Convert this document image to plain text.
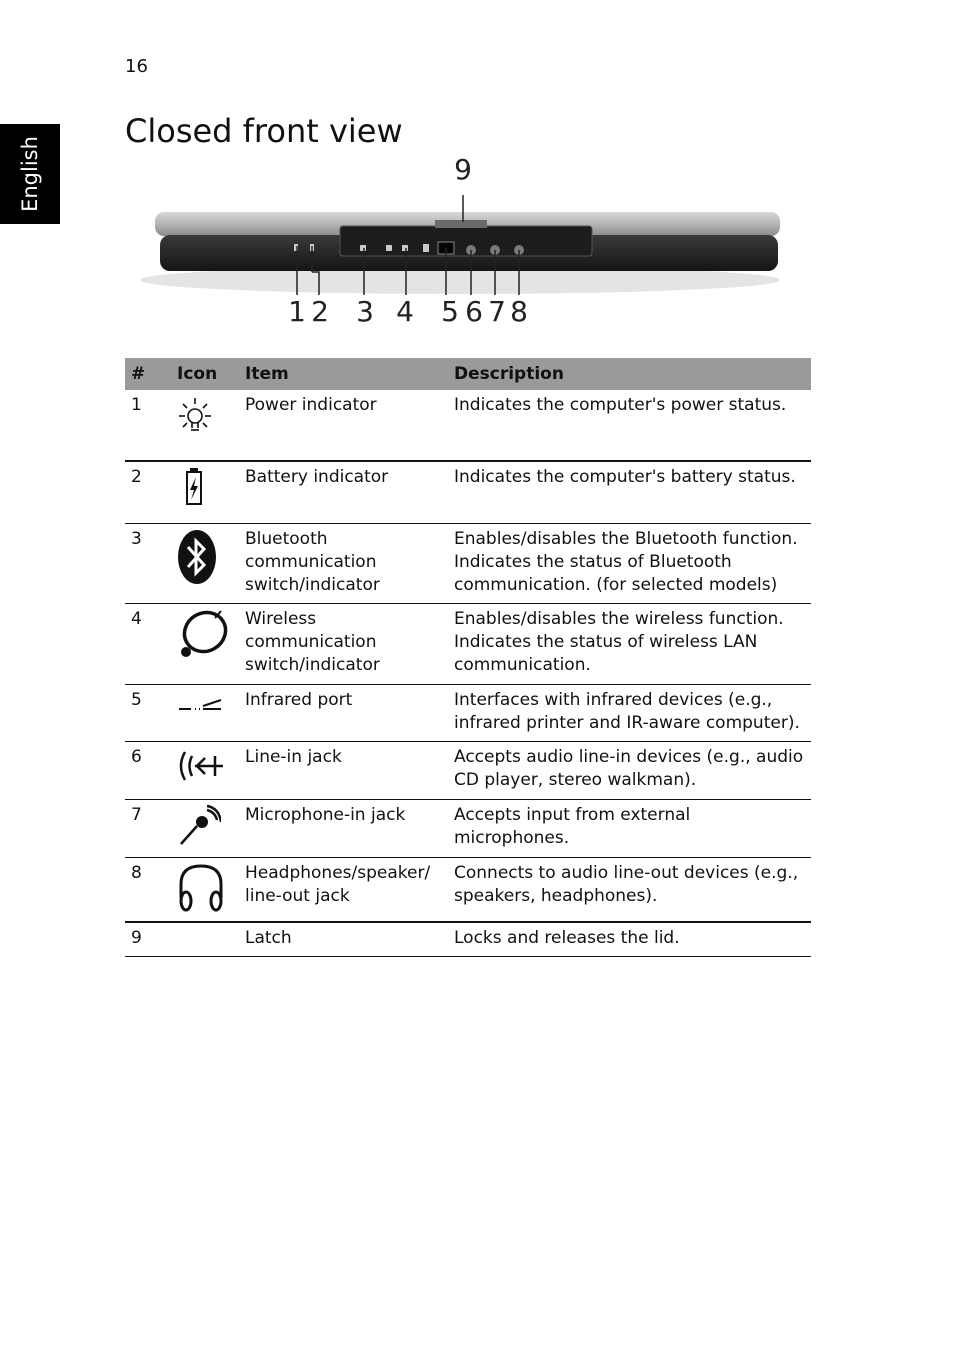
16
English
Closed front view
1 2 3 4 5 6 7 8
9
#	Icon	Item	Description
1		Power indicator	Indicates the computer's power status.
2		Battery indicator	Indicates the computer's battery status.
3		Bluetooth communication switch/indicator	Enables/disables the Bluetooth function. Indicates the status of Bluetooth communication. (for selected models)
4		Wireless communication switch/indicator	Enables/disables the wireless function. Indicates the status of wireless LAN communication.
5		Infrared port	Interfaces with infrared devices (e.g., infrared printer and IR-aware computer).
6		Line-in jack	Accepts audio line-in devices (e.g., audio CD player, stereo walkman).
7		Microphone-in jack	Accepts input from external microphones.
8		Headphones/speaker/ line-out jack	Connects to audio line-out devices (e.g., speakers, headphones).
9		Latch	Locks and releases the lid.
